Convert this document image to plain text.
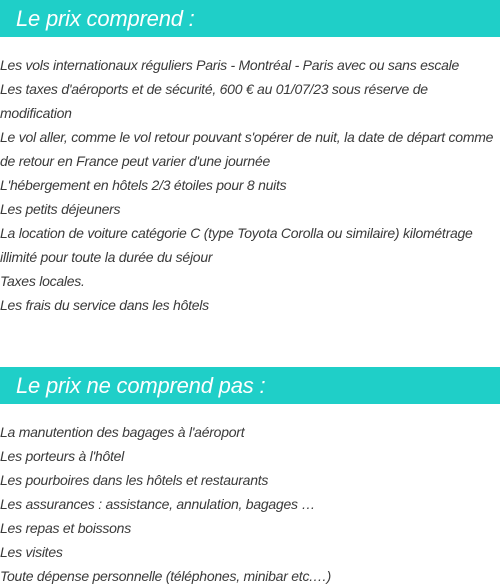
Le prix comprend :
Les vols internationaux réguliers Paris - Montréal - Paris avec ou sans escale
Les taxes d'aéroports et de sécurité, 600 € au 01/07/23 sous réserve de modification
Le vol aller, comme le vol retour pouvant s'opérer de nuit, la date de départ comme de retour en France peut varier d'une journée
L'hébergement en hôtels 2/3 étoiles pour 8 nuits
Les petits déjeuners
La location de voiture catégorie C (type Toyota Corolla ou similaire) kilométrage illimité pour toute la durée du séjour
Taxes locales.
Les frais du service dans les hôtels
Le prix ne comprend pas :
La manutention des bagages à l'aéroport
Les porteurs à l'hôtel
Les pourboires dans les hôtels et restaurants
Les assurances : assistance, annulation, bagages …
Les repas et boissons
Les visites
Toute dépense personnelle (téléphones, minibar etc.…)
